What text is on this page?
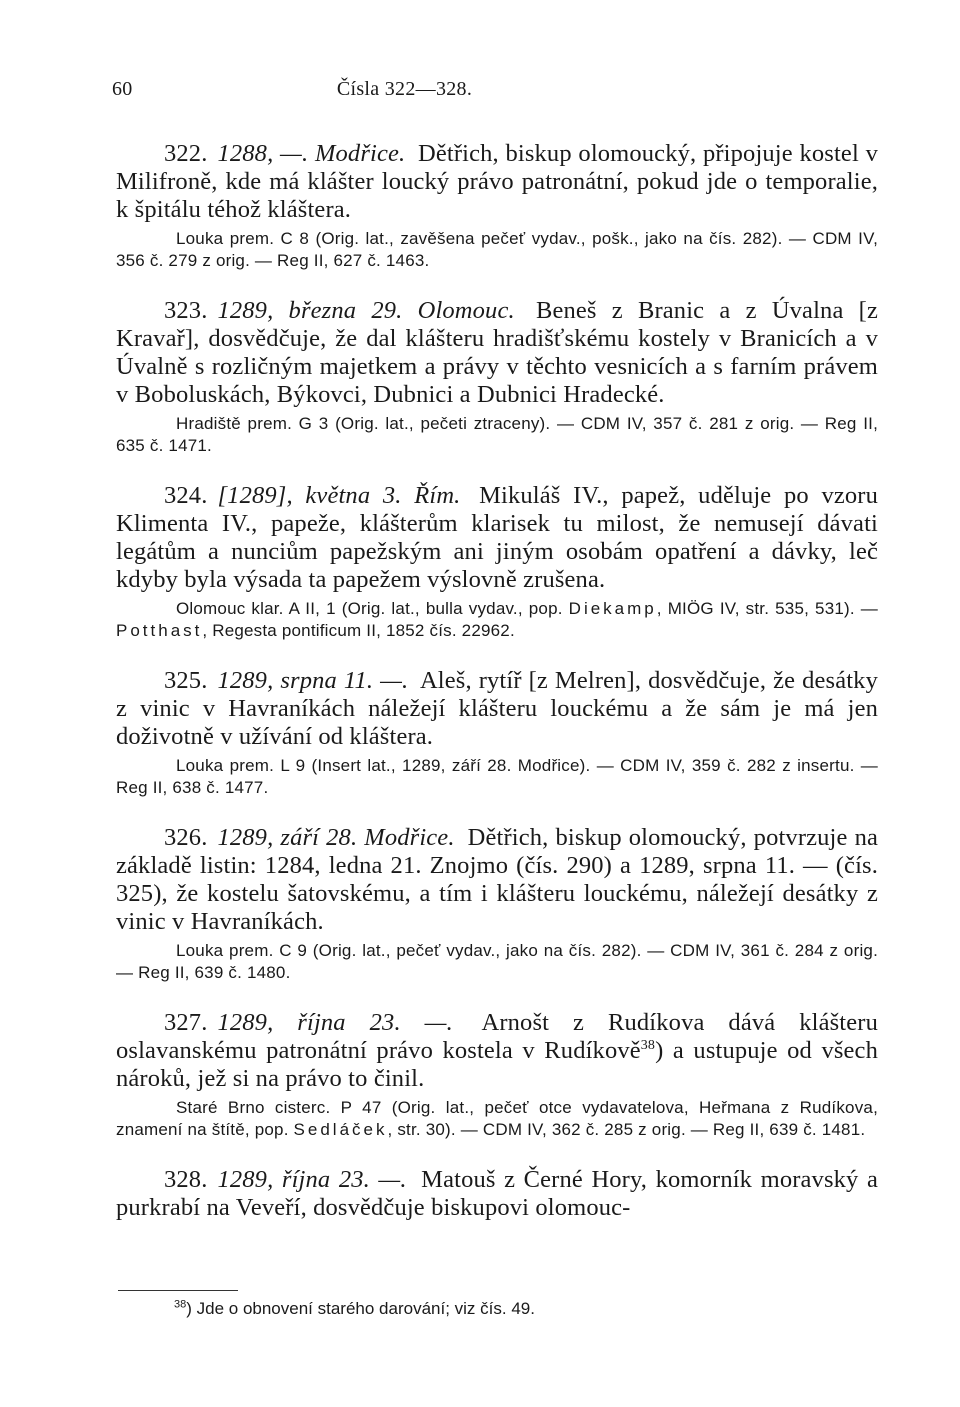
60	Čísla 322—328.
322. 1288, —. Modřice. Dětřich, biskup olomoucký, připojuje kostel v Milifroně, kde má klášter loucký právo patronátní, pokud jde o temporalie, k špitálu téhož kláštera.
Louka prem. C 8 (Orig. lat., zavěšena pečeť vydav., pošk., jako na čís. 282). — CDM IV, 356 č. 279 z orig. — Reg II, 627 č. 1463.
323. 1289, března 29. Olomouc. Beneš z Branic a z Úvalna [z Kravař], dosvědčuje, že dal klášteru hradišťskému kostely v Branicích a v Úvalně s rozličným majetkem a právy v těchto vesnicích a s farním právem v Boboluskách, Býkovci, Dubnici a Dubnici Hradecké.
Hradiště prem. G 3 (Orig. lat., pečeti ztraceny). — CDM IV, 357 č. 281 z orig. — Reg II, 635 č. 1471.
324. [1289], května 3. Řím. Mikuláš IV., papež, uděluje po vzoru Klimenta IV., papeže, klášterům klarisek tu milost, že nemusejí dávati legátům a nunciům papežským ani jiným osobám opatření a dávky, leč kdyby byla výsada ta papežem výslovně zrušena.
Olomouc klar. A II, 1 (Orig. lat., bulla vydav., pop. Diekamp, MIÖG IV, str. 535, 531). — Potthast, Regesta pontificum II, 1852 čís. 22962.
325. 1289, srpna 11. —. Aleš, rytíř [z Melren], dosvědčuje, že desátky z vinic v Havraníkách náležejí klášteru louckému a že sám je má jen doživotně v užívání od kláštera.
Louka prem. L 9 (Insert lat., 1289, září 28. Modřice). — CDM IV, 359 č. 282 z insertu. — Reg II, 638 č. 1477.
326. 1289, září 28. Modřice. Dětřich, biskup olomoucký, potvrzuje na základě listin: 1284, ledna 21. Znojmo (čís. 290) a 1289, srpna 11. — (čís. 325), že kostelu šatovskému, a tím i klášteru louckému, náležejí desátky z vinic v Havraníkách.
Louka prem. C 9 (Orig. lat., pečeť vydav., jako na čís. 282). — CDM IV, 361 č. 284 z orig. — Reg II, 639 č. 1480.
327. 1289, října 23. —. Arnošt z Rudíkova dává klášteru oslavanskému patronátní právo kostela v Rudíkově$^{38}$) a ustupuje od všech nároků, jež si na právo to činil.
Staré Brno cisterc. P 47 (Orig. lat., pečeť otce vydavatelova, Heřmana z Rudíkova, znamení na štítě, pop. Sedláček, str. 30). — CDM IV, 362 č. 285 z orig. — Reg II, 639 č. 1481.
328. 1289, října 23. —. Matouš z Černé Hory, komorník moravský a purkrabí na Veveří, dosvědčuje biskupovi olomouc-
$^{38}$) Jde o obnovení starého darování; viz čís. 49.
